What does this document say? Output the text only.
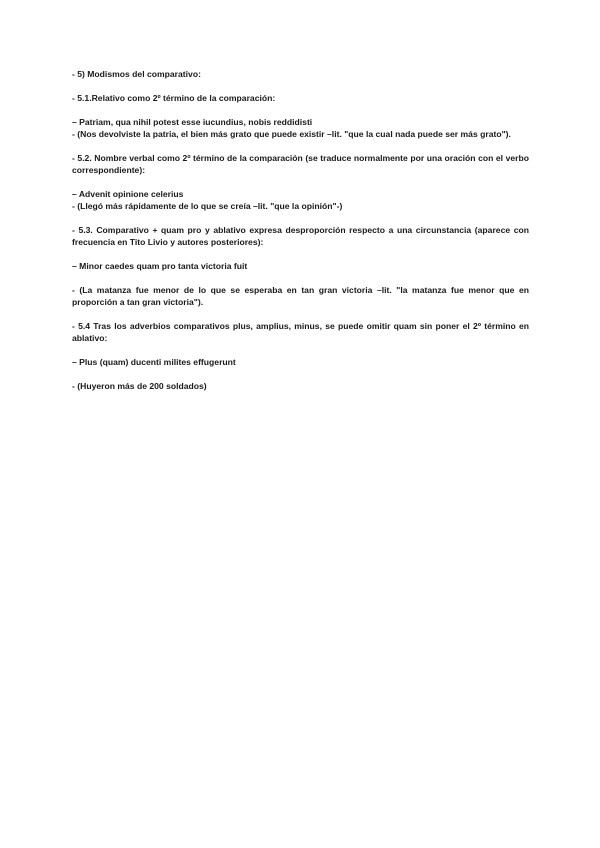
- 5) Modismos del comparativo:
- 5.1.Relativo como 2º término de la comparación:
– Patriam, qua nihil potest esse iucundius, nobis reddidisti
- (Nos devolviste la patria, el bien más grato que puede existir –lit. "que la cual nada puede ser más grato").
- 5.2. Nombre verbal como 2º término de la comparación (se traduce normalmente por una oración con el verbo correspondiente):
– Advenit opinione celerius
- (Llegó más rápidamente de lo que se creía –lit. "que la opinión"-)
- 5.3. Comparativo + quam pro y ablativo expresa desproporción respecto a una circunstancia (aparece con frecuencia en Tito Livio y autores posteriores):
– Minor caedes quam pro tanta victoria fuit
- (La matanza fue menor de lo que se esperaba en tan gran victoria –lit. "la matanza fue menor que en proporción a tan gran victoria").
- 5.4 Tras los adverbios comparativos plus, amplius, minus, se puede omitir quam sin poner el 2º término en ablativo:
– Plus (quam) ducenti milites effugerunt
- (Huyeron más de 200 soldados)
